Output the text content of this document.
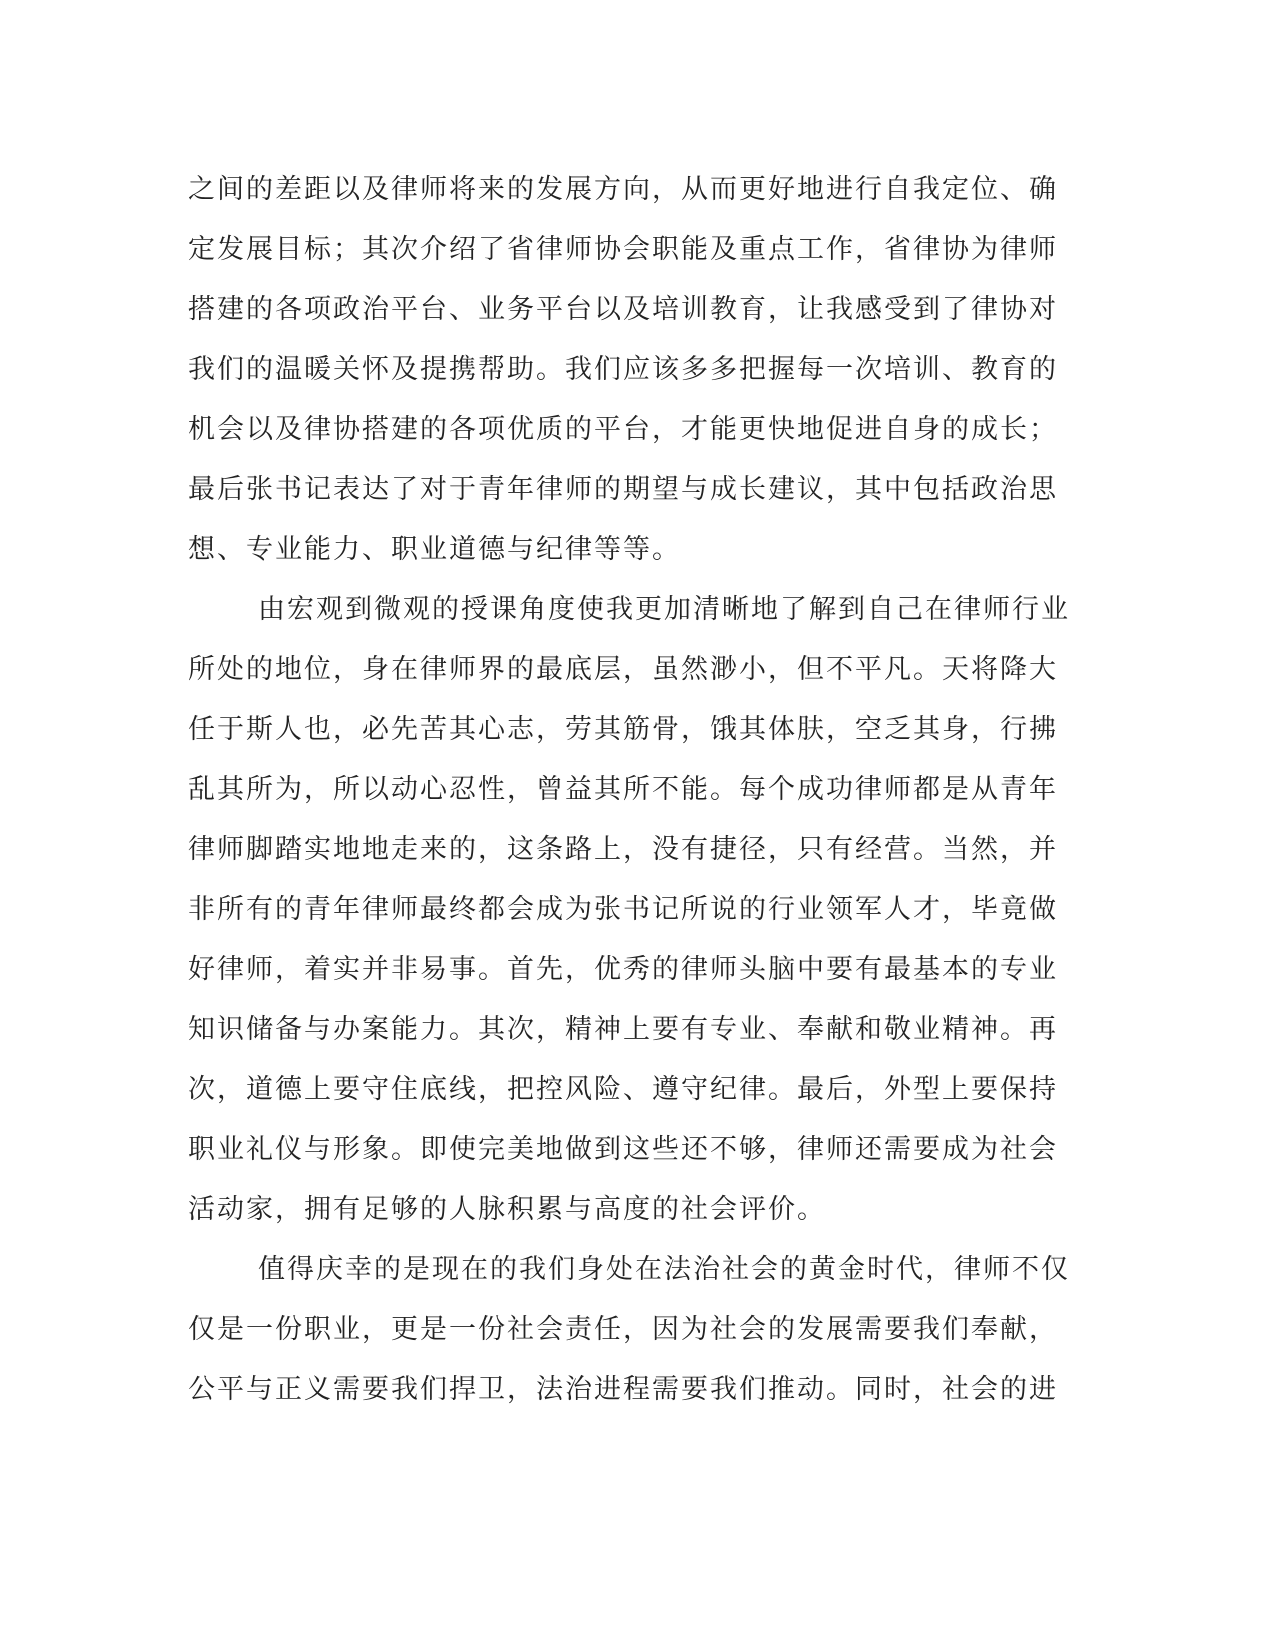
之间的差距以及律师将来的发展方向，从而更好地进行自我定位、确
定发展目标；其次介绍了省律师协会职能及重点工作，省律协为律师
搭建的各项政治平台、业务平台以及培训教育，让我感受到了律协对
我们的温暖关怀及提携帮助。我们应该多多把握每一次培训、教育的
机会以及律协搭建的各项优质的平台，才能更快地促进自身的成长；
最后张书记表达了对于青年律师的期望与成长建议，其中包括政治思
想、专业能力、职业道德与纪律等等。
由宏观到微观的授课角度使我更加清晰地了解到自己在律师行业
所处的地位，身在律师界的最底层，虽然渺小，但不平凡。天将降大
任于斯人也，必先苦其心志，劳其筋骨，饿其体肤，空乏其身，行拂
乱其所为，所以动心忍性，曾益其所不能。每个成功律师都是从青年
律师脚踏实地地走来的，这条路上，没有捷径，只有经营。当然，并
非所有的青年律师最终都会成为张书记所说的行业领军人才，毕竟做
好律师，着实并非易事。首先，优秀的律师头脑中要有最基本的专业
知识储备与办案能力。其次，精神上要有专业、奉献和敬业精神。再
次，道德上要守住底线，把控风险、遵守纪律。最后，外型上要保持
职业礼仪与形象。即使完美地做到这些还不够，律师还需要成为社会
活动家，拥有足够的人脉积累与高度的社会评价。
值得庆幸的是现在的我们身处在法治社会的黄金时代，律师不仅
仅是一份职业，更是一份社会责任，因为社会的发展需要我们奉献，
公平与正义需要我们捍卫，法治进程需要我们推动。同时，社会的进
